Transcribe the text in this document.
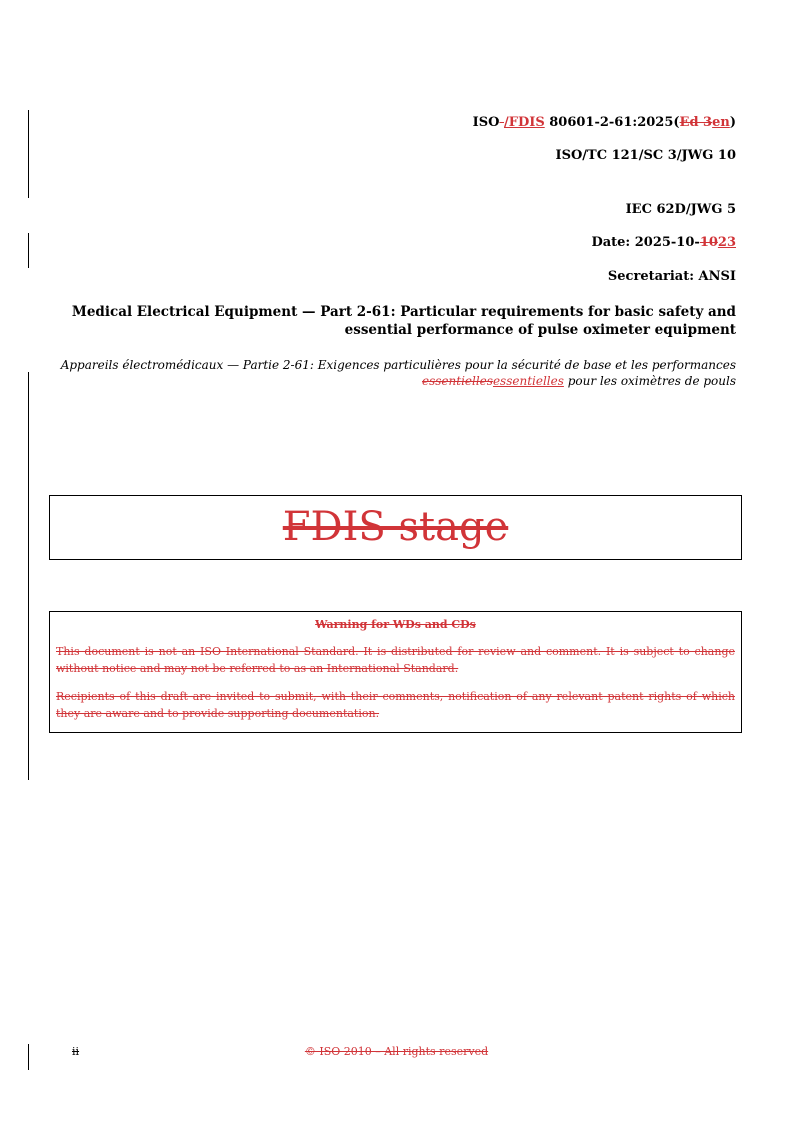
ISO /FDIS 80601-2-61:2025(Ed 3en)
ISO/TC 121/SC 3/JWG 10
IEC 62D/JWG 5
Date: 2025-10-1023
Secretariat: ANSI
Medical Electrical Equipment — Part 2-61: Particular requirements for basic safety and essential performance of pulse oximeter equipment
Appareils électromédicaux — Partie 2-61: Exigences particulières pour la sécurité de base et les performances essentiellesessentielles pour les oximètres de pouls
FDIS stage
Warning for WDs and CDs

This document is not an ISO International Standard. It is distributed for review and comment. It is subject to change without notice and may not be referred to as an International Standard.

Recipients of this draft are invited to submit, with their comments, notification of any relevant patent rights of which they are aware and to provide supporting documentation.

ii	© ISO 2010 – All rights reserved
